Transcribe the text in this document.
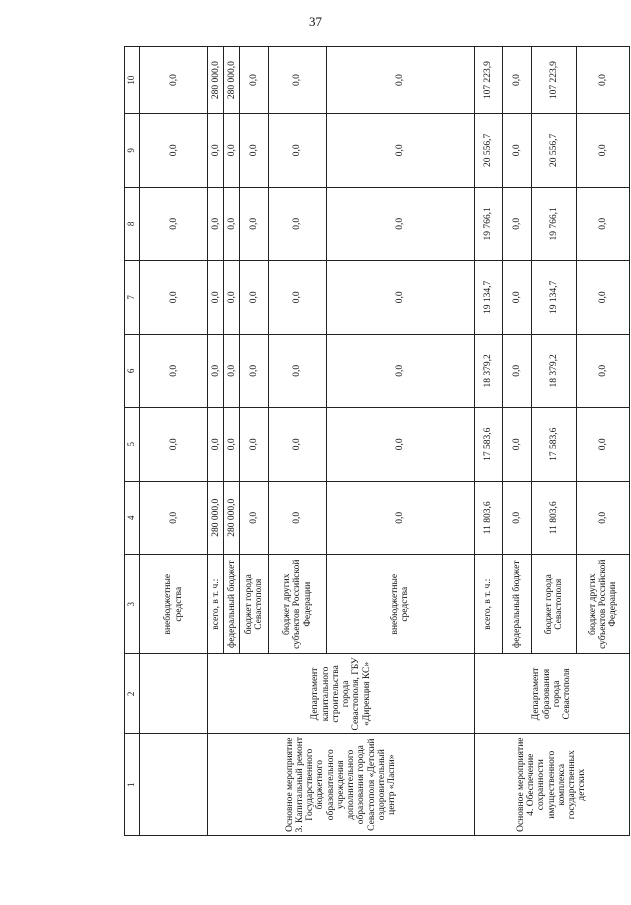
37
1	2	3	4	5	6	7	8	9	10
		внебюджетные средства	0,0	0,0	0,0	0,0	0,0	0,0	0,0
Основное мероприятие 3. Капитальный ремонт Государственного бюджетного образовательного учреждения дополнительного образования города Севастополя «Детский оздоровительный центр «Ласпи»	Департамент капитального строительства города Севастополя, ГБУ «Дирекция КС»	всего, в т. ч.:	280 000,0	0,0	0,0	0,0	0,0	0,0	280 000,0
		федеральный бюджет	280 000,0	0,0	0,0	0,0	0,0	0,0	280 000,0
		бюджет города Севастополя	0,0	0,0	0,0	0,0	0,0	0,0	0,0
		бюджет других субъектов Российской Федерации	0,0	0,0	0,0	0,0	0,0	0,0	0,0
		внебюджетные средства	0,0	0,0	0,0	0,0	0,0	0,0	0,0
Основное мероприятие 4. Обеспечение сохранности имущественного комплекса государственных детских	Департамент образования города Севастополя	всего, в т. ч.:	11 803,6	17 583,6	18 379,2	19 134,7	19 766,1	20 556,7	107 223,9
		федеральный бюджет	0,0	0,0	0,0	0,0	0,0	0,0	0,0
		бюджет города Севастополя	11 803,6	17 583,6	18 379,2	19 134,7	19 766,1	20 556,7	107 223,9
		бюджет других субъектов Российской Федерации	0,0	0,0	0,0	0,0	0,0	0,0	0,0
